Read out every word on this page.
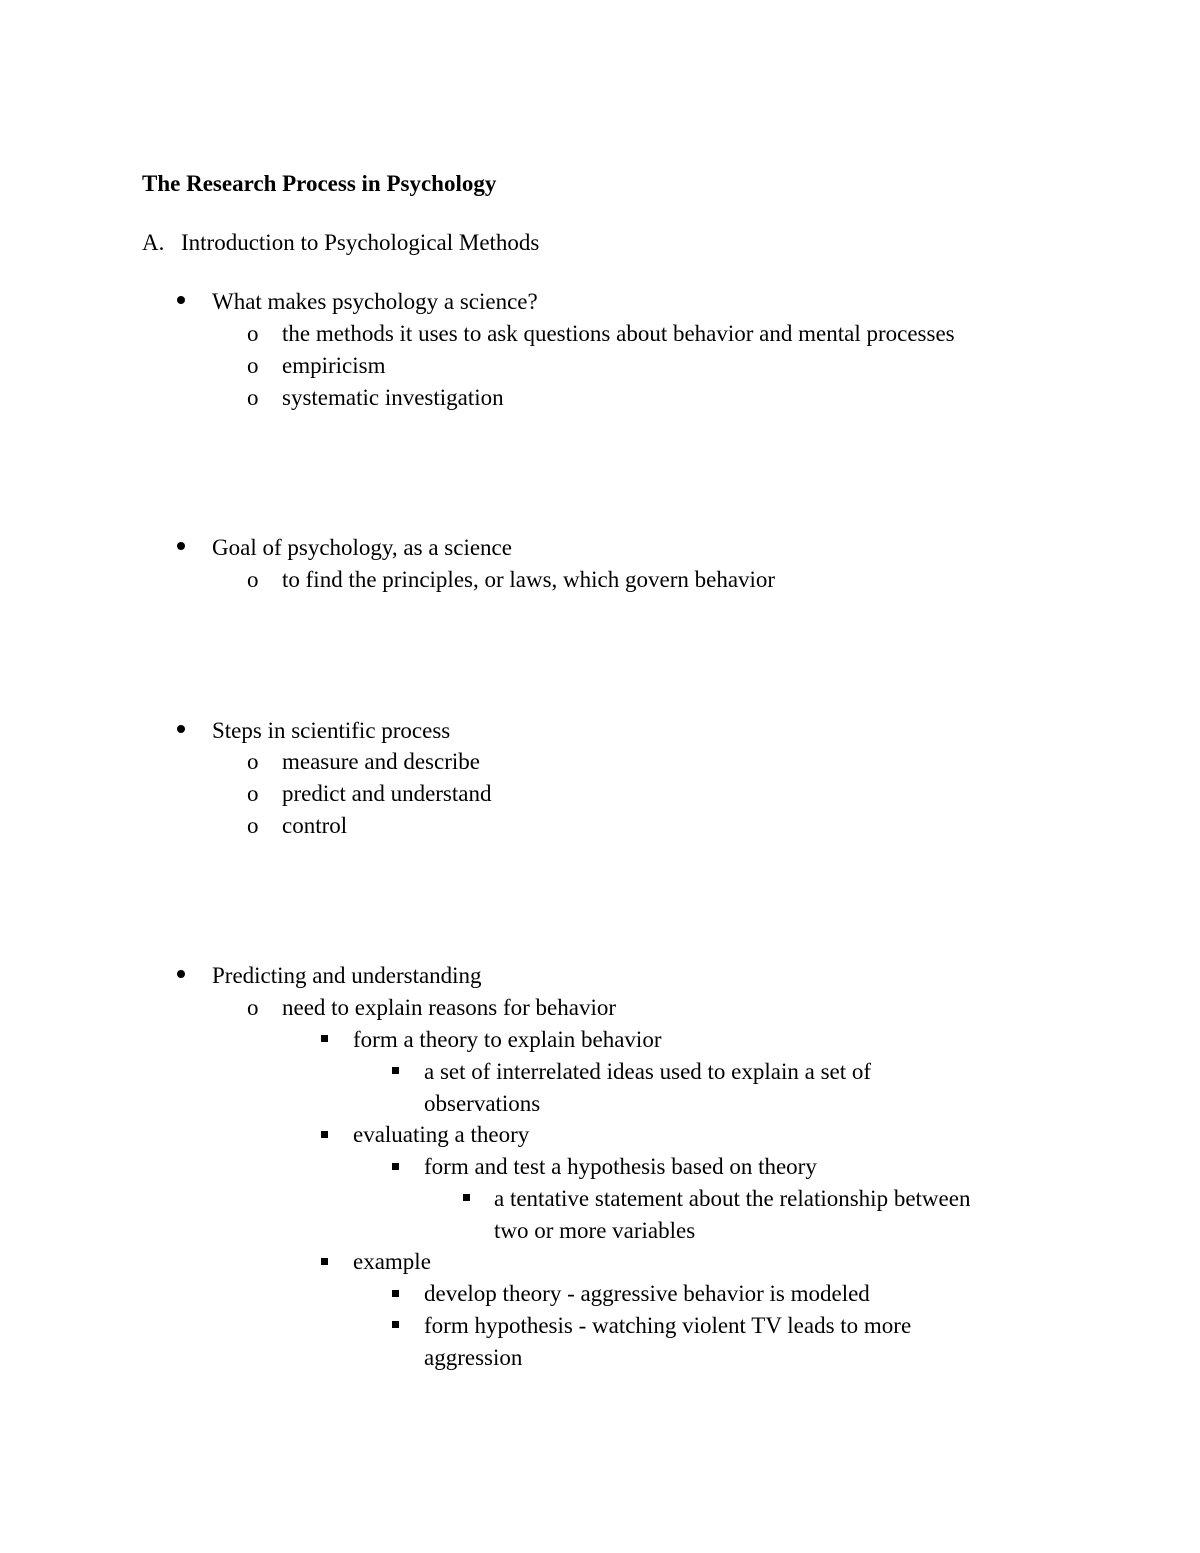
The Research Process in Psychology
A. Introduction to Psychological Methods
What makes psychology a science?
o the methods it uses to ask questions about behavior and mental processes
o empiricism
o systematic investigation
Goal of psychology, as a science
o to find the principles, or laws, which govern behavior
Steps in scientific process
o measure and describe
o predict and understand
o control
Predicting and understanding
o need to explain reasons for behavior
form a theory to explain behavior
a set of interrelated ideas used to explain a set of
observations
evaluating a theory
form and test a hypothesis based on theory
a tentative statement about the relationship between
two or more variables
example
develop theory - aggressive behavior is modeled
form hypothesis - watching violent TV leads to more
aggression
